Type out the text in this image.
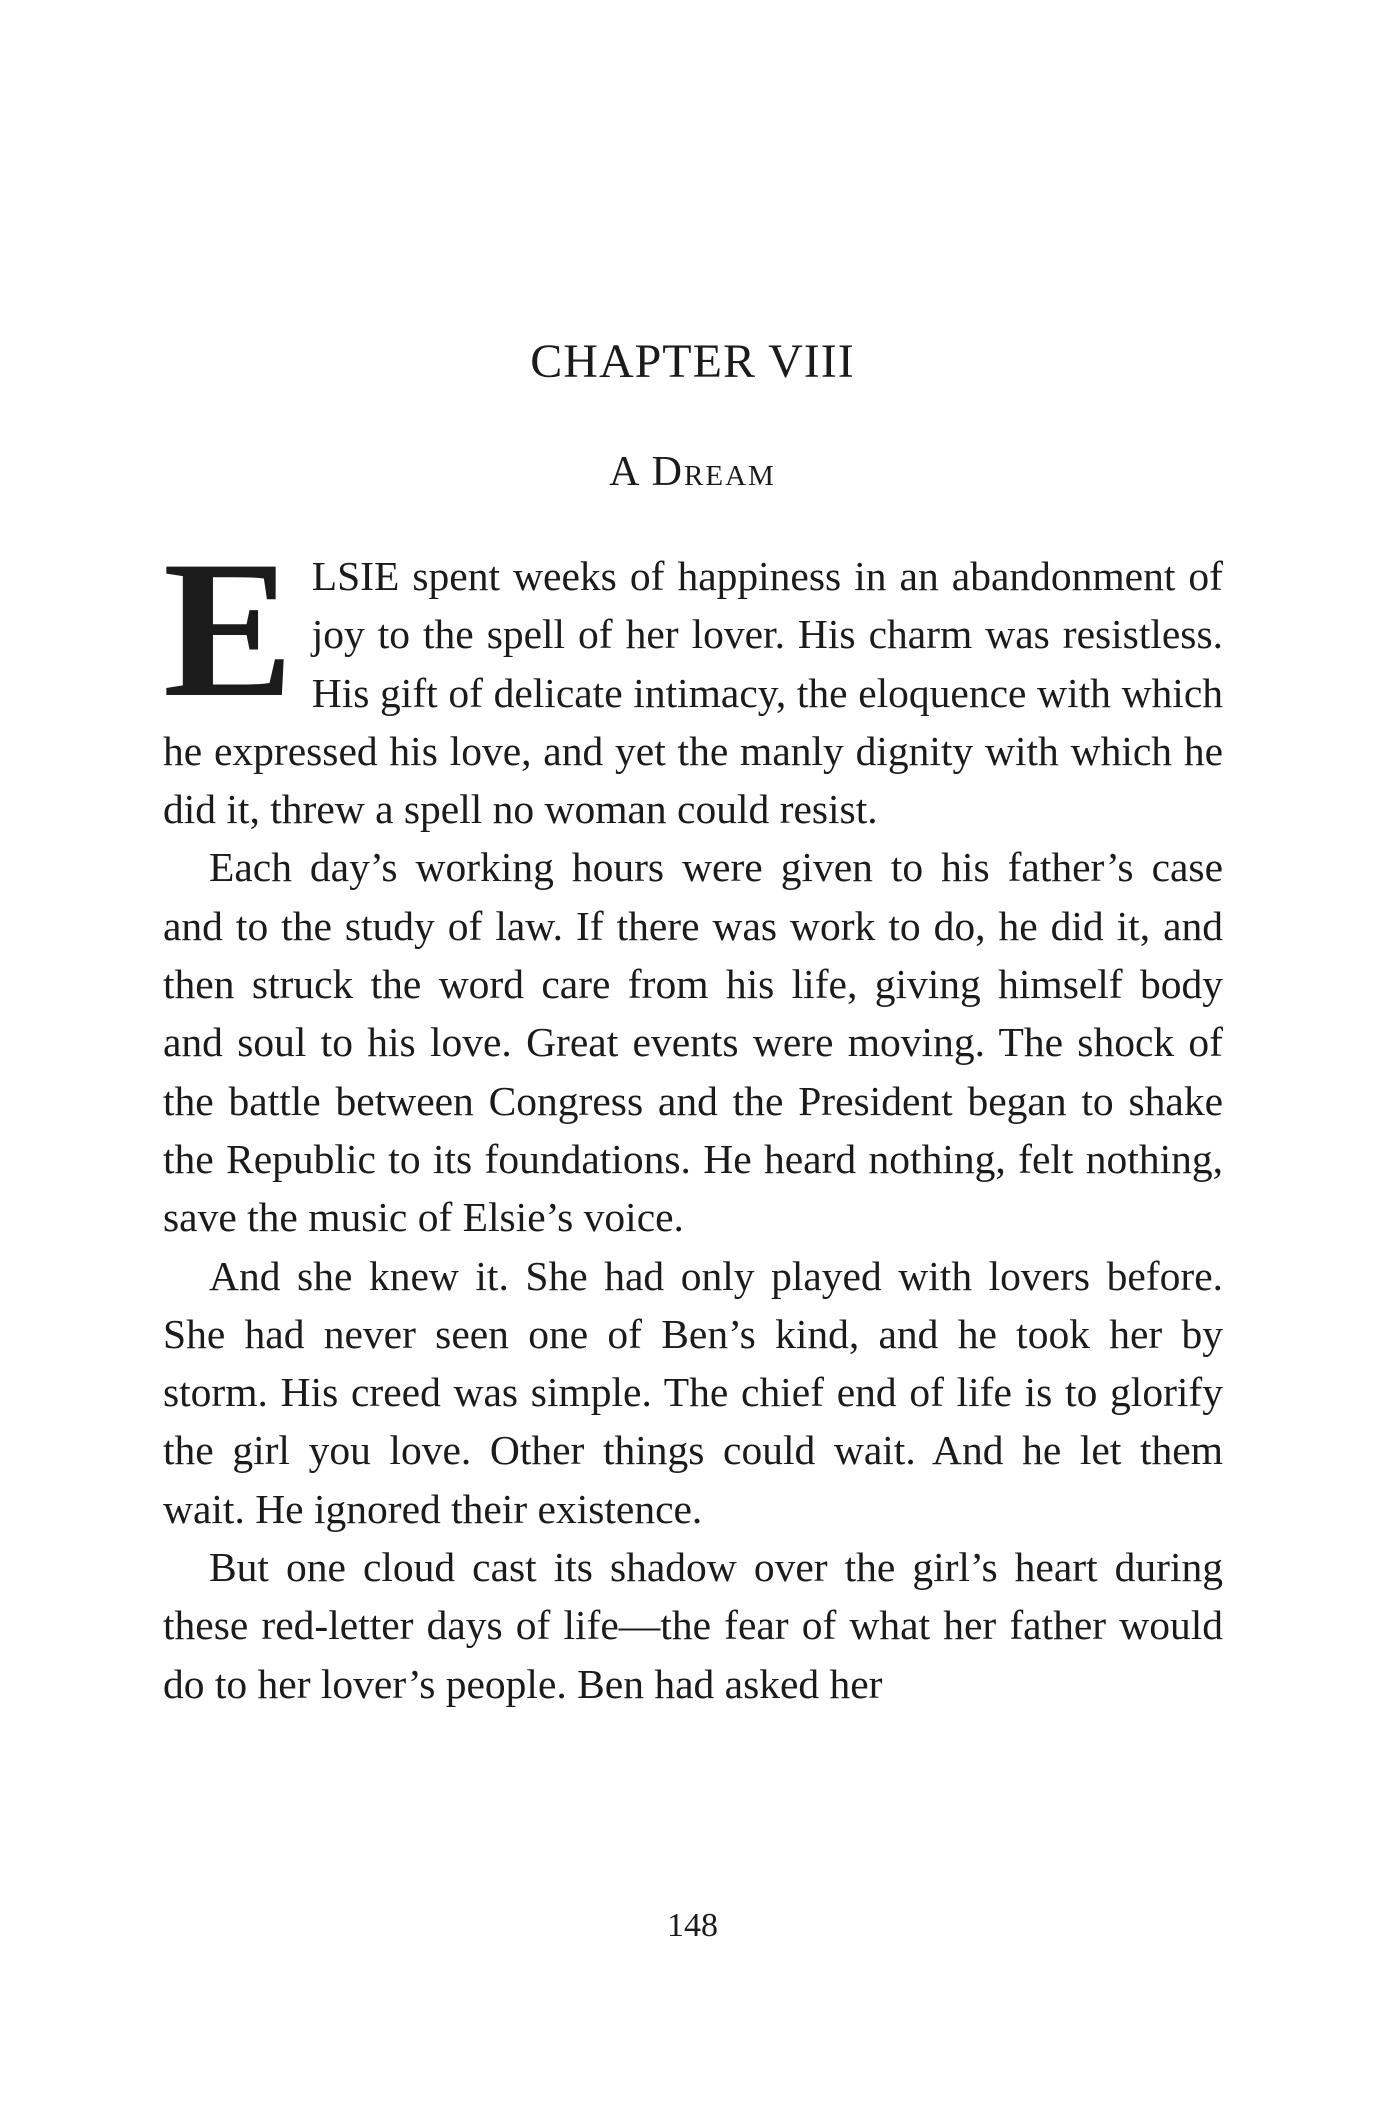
CHAPTER VIII
A Dream

ELSIE spent weeks of happiness in an abandonment of joy to the spell of her lover. His charm was resistless. His gift of delicate intimacy, the eloquence with which he expressed his love, and yet the manly dignity with which he did it, threw a spell no woman could resist.

Each day’s working hours were given to his father’s case and to the study of law. If there was work to do, he did it, and then struck the word care from his life, giving himself body and soul to his love. Great events were moving. The shock of the battle between Congress and the President began to shake the Republic to its foundations. He heard nothing, felt nothing, save the music of Elsie’s voice.

And she knew it. She had only played with lovers before. She had never seen one of Ben’s kind, and he took her by storm. His creed was simple. The chief end of life is to glorify the girl you love. Other things could wait. And he let them wait. He ignored their existence.

But one cloud cast its shadow over the girl’s heart during these red-letter days of life—the fear of what her father would do to her lover’s people. Ben had asked her

148
